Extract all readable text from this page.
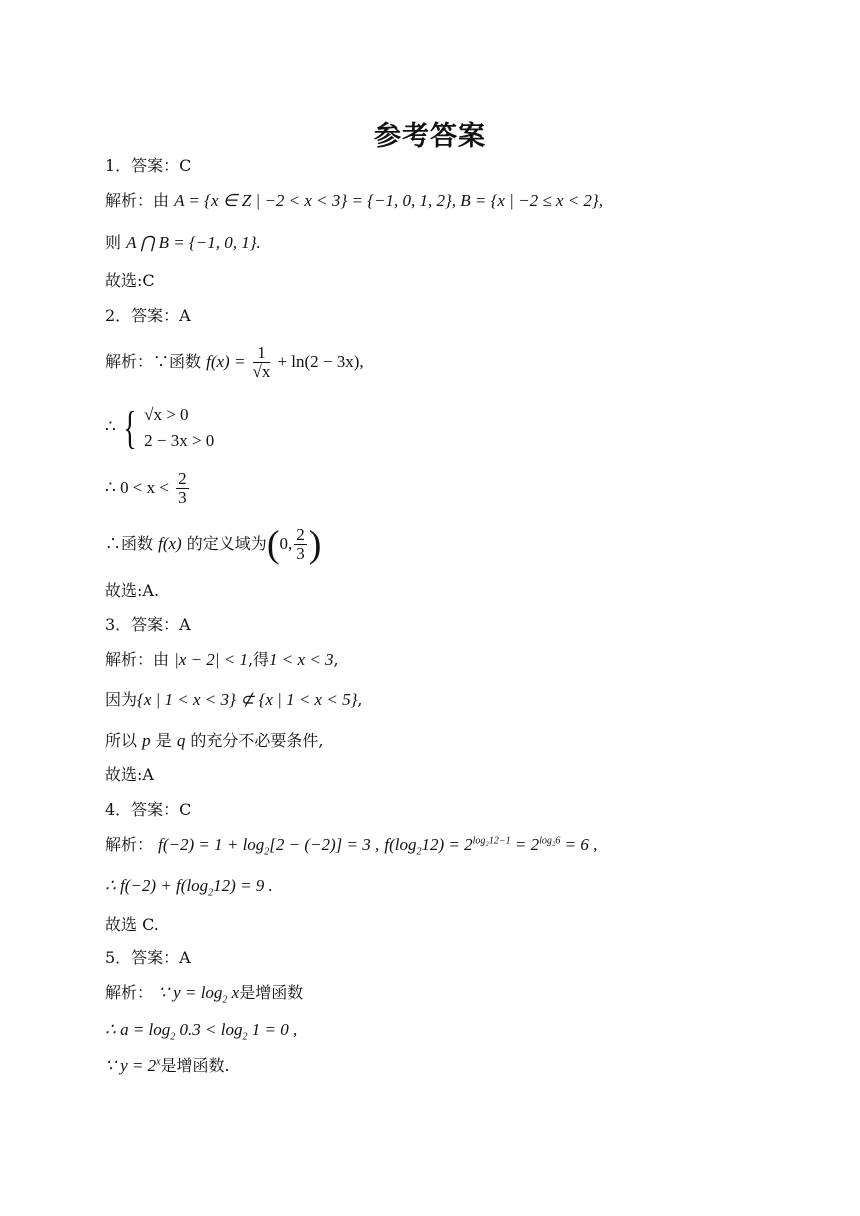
参考答案
1．答案：C
解析：由 A = {x ∈ Z | −2 < x < 3} = {−1, 0, 1, 2}, B = {x | −2 ≤ x < 2},
则 A ⋂ B = {−1, 0, 1}.
故选:C
2．答案：A
解析：∵函数 $f(x) = \frac{1}{√x} + \ln(2 - 3x)$,
∴ { √x > 0
2 − 3x > 0
∴ $0 < x < \frac{2}{3}$
∴函数 f(x) 的定义域为(0, $\frac{2}{3}$ )
故选:A.
3．答案：A
解析：由 |x − 2| < 1,得1 < x < 3,
因为{x | 1 < x < 3} ⊄ {x | 1 < x < 5},
所以 p 是 q 的充分不必要条件,
故选:A
4．答案：C
解析： $f(-2) = 1 + \log_2[2 - (-2)] = 3$ , $f(\log_212) = 2^{log_212-1} = 2^{log_26} = 6$ ,
∴ $f(-2) + f(\log_212) = 9$ .
故选 C.
5．答案：A
解析： ∵ $y = \log_2 x$是增函数
∴ $a = \log_2 0.3 < \log_2 1 = 0$ ,
∵ $y = 2^x$是增函数.
